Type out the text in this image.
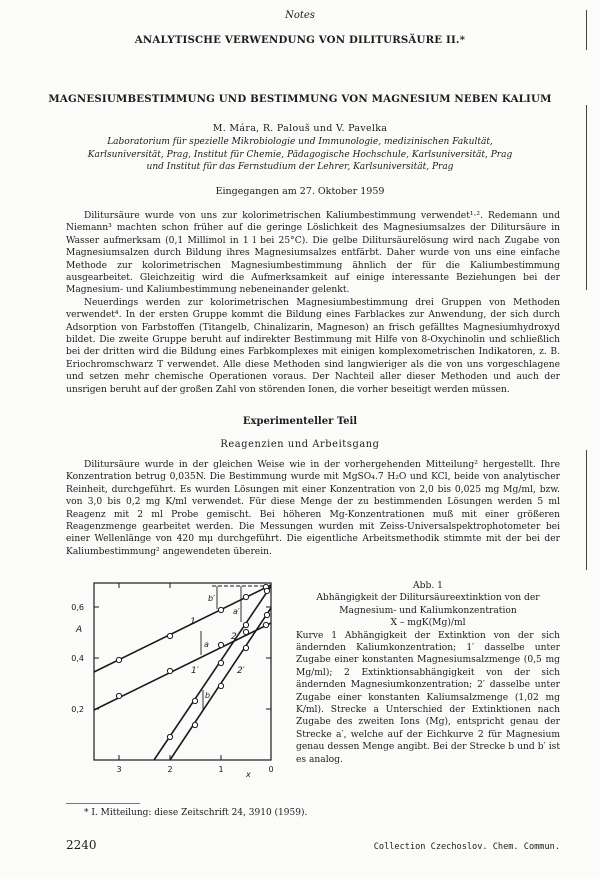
Notes
ANALYTISCHE VERWENDUNG VON DILITURSÄURE II.*
MAGNESIUMBESTIMMUNG UND BESTIMMUNG VON MAGNESIUM NEBEN KALIUM
M. Mára, R. Palouš und V. Pavelka
Laboratorium für spezielle Mikrobiologie und Immunologie, medizinischen Fakultät,
Karlsuniversität, Prag, Institut für Chemie, Pädagogische Hochschule, Karlsuniversität, Prag
und Institut für das Fernstudium der Lehrer, Karlsuniversität, Prag
Eingegangen am 27. Oktober 1959

Dilitursäure wurde von uns zur kolorimetrischen Kaliumbestimmung verwendet¹·². Redemann und Niemann³ machten schon früher auf die geringe Löslichkeit des Magnesiumsalzes der Dilitursäure in Wasser aufmerksam (0,1 Millimol in 1 l bei 25°C). Die gelbe Dilitursäurelösung wird nach Zugabe von Magnesiumsalzen durch Bildung ihres Magnesiumsalzes entfärbt. Daher wurde von uns eine einfache Methode zur kolorimetrischen Magnesiumbestimmung ähnlich der für die Kaliumbestimmung ausgearbeitet. Gleichzeitig wird die Aufmerksamkeit auf einige interessante Beziehungen bei der Magnesium- und Kaliumbestimmung nebeneinander gelenkt.

Neuerdings werden zur kolorimetrischen Magnesiumbestimmung drei Gruppen von Methoden verwendet⁴. In der ersten Gruppe kommt die Bildung eines Farblackes zur Anwendung, der sich durch Adsorption von Farbstoffen (Titangelb, Chinalizarin, Magneson) an frisch gefälltes Magnesiumhydroxyd bildet. Die zweite Gruppe beruht auf indirekter Bestimmung mit Hilfe von 8-Oxychinolin und schließlich bei der dritten wird die Bildung eines Farbkomplexes mit einigen komplexometrischen Indikatoren, z. B. Eriochromschwarz T verwendet. Alle diese Methoden sind langwieriger als die von uns vorgeschlagene und setzen mehr chemische Operationen voraus. Der Nachteil aller dieser Methoden und auch der unsrigen beruht auf der großen Zahl von störenden Ionen, die vorher beseitigt werden müssen.

Experimenteller Teil
Reagenzien und Arbeitsgang

Dilitursäure wurde in der gleichen Weise wie in der vorhergehenden Mitteilung² hergestellt. Ihre Konzentration betrug 0,035N. Die Bestimmung wurde mit MgSO₄.7 H₂O und KCl, beide von analytischer Reinheit, durchgeführt. Es wurden Lösungen mit einer Konzentration von 2,0 bis 0,025 mg Mg/ml, bzw. von 3,0 bis 0,2 mg K/ml verwendet. Für diese Menge der zu bestimmenden Lösungen werden 5 ml Reagenz mit 2 ml Probe gemischt. Bei höheren Mg-Konzentrationen muß mit einer größeren Reagenzmenge gearbeitet werden. Die Messungen wurden mit Zeiss-Universalspektrophotometer bei einer Wellenlänge von 420 mμ durchgeführt. Die eigentliche Arbeitsmethodik stimmte mit der bei der Kaliumbestimmung² angewendeten überein.

0,6
0,4
0,2
A
3	2	1	0
x
a
a′
b
b′
1
1′
2
2′
Abb. 1
Abhängigkeit der Dilitursäureextinktion von der
Magnesium- und Kaliumkonzentration
X – mgK(Mg)/ml
Kurve 1 Abhängigkeit der Extinktion von der sich ändernden Kaliumkonzentration; 1′ dasselbe unter Zugabe einer konstanten Magnesiumsalzmenge (0,5 mg Mg/ml); 2 Extinktionsabhängigkeit von der sich ändernden Magnesiumkonzentration; 2′ dasselbe unter Zugabe einer konstanten Kaliumsalzmenge (1,02 mg K/ml). Strecke a Unterschied der Extinktionen nach Zugabe des zweiten Ions (Mg), entspricht genau der Strecke a′, welche auf der Eichkurve 2 für Magnesium genau dessen Menge angibt. Bei der Strecke b und b′ ist es analog.
* I. Mitteilung: diese Zeitschrift 24, 3910 (1959).
2240	Collection Czechoslov. Chem. Commun.
